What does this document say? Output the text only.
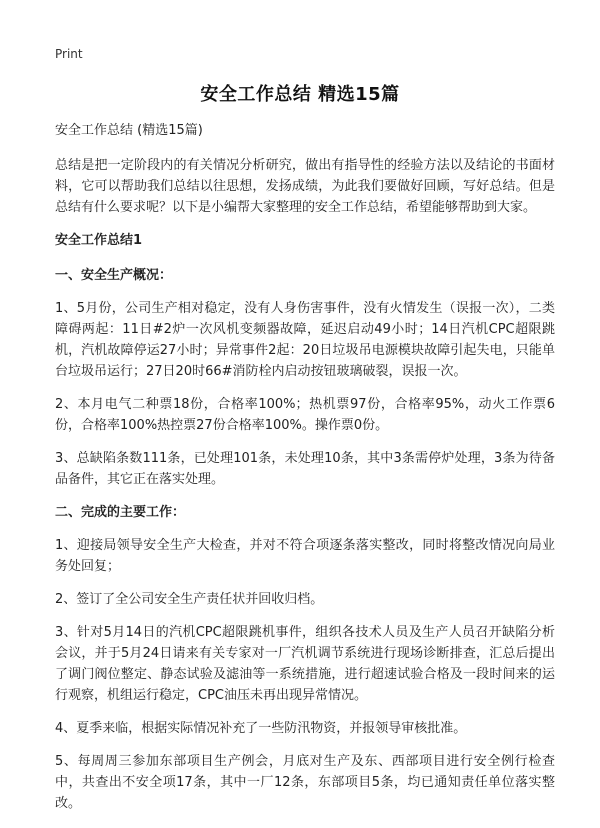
Print
安全工作总结 精选15篇

安全工作总结 (精选15篇)

总结是把一定阶段内的有关情况分析研究，做出有指导性的经验方法以及结论的书面材料，它可以帮助我们总结以往思想，发扬成绩，为此我们要做好回顾，写好总结。但是总结有什么要求呢？以下是小编帮大家整理的安全工作总结，希望能够帮助到大家。

安全工作总结1

一、安全生产概况：

1、5月份，公司生产相对稳定，没有人身伤害事件，没有火情发生（误报一次），二类障碍两起：11日#2炉一次风机变频器故障，延迟启动49小时；14日汽机CPC超限跳机，汽机故障停运27小时；异常事件2起：20日垃圾吊电源模块故障引起失电，只能单台垃圾吊运行；27日20时66#消防栓内启动按钮玻璃破裂，误报一次。

2、本月电气二种票18份，合格率100%；热机票97份，合格率95%，动火工作票6份，合格率100%热控票27份合格率100%。操作票0份。

3、总缺陷条数111条，已处理101条，未处理10条，其中3条需停炉处理，3条为待备品备件，其它正在落实处理。

二、完成的主要工作：

1、迎接局领导安全生产大检查，并对不符合项逐条落实整改，同时将整改情况向局业务处回复；

2、签订了全公司安全生产责任状并回收归档。

3、针对5月14日的汽机CPC超限跳机事件，组织各技术人员及生产人员召开缺陷分析会议，并于5月24日请来有关专家对一厂汽机调节系统进行现场诊断排查，汇总后提出了调门阀位整定、静态试验及滤油等一系统措施，进行超速试验合格及一段时间来的运行观察，机组运行稳定，CPC油压未再出现异常情况。

4、夏季来临，根据实际情况补充了一些防汛物资，并报领导审核批准。

5、每周周三参加东部项目生产例会，月底对生产及东、西部项目进行安全例行检查中，共查出不安全项17条，其中一厂12条，东部项目5条，均已通知责任单位落实整改。
